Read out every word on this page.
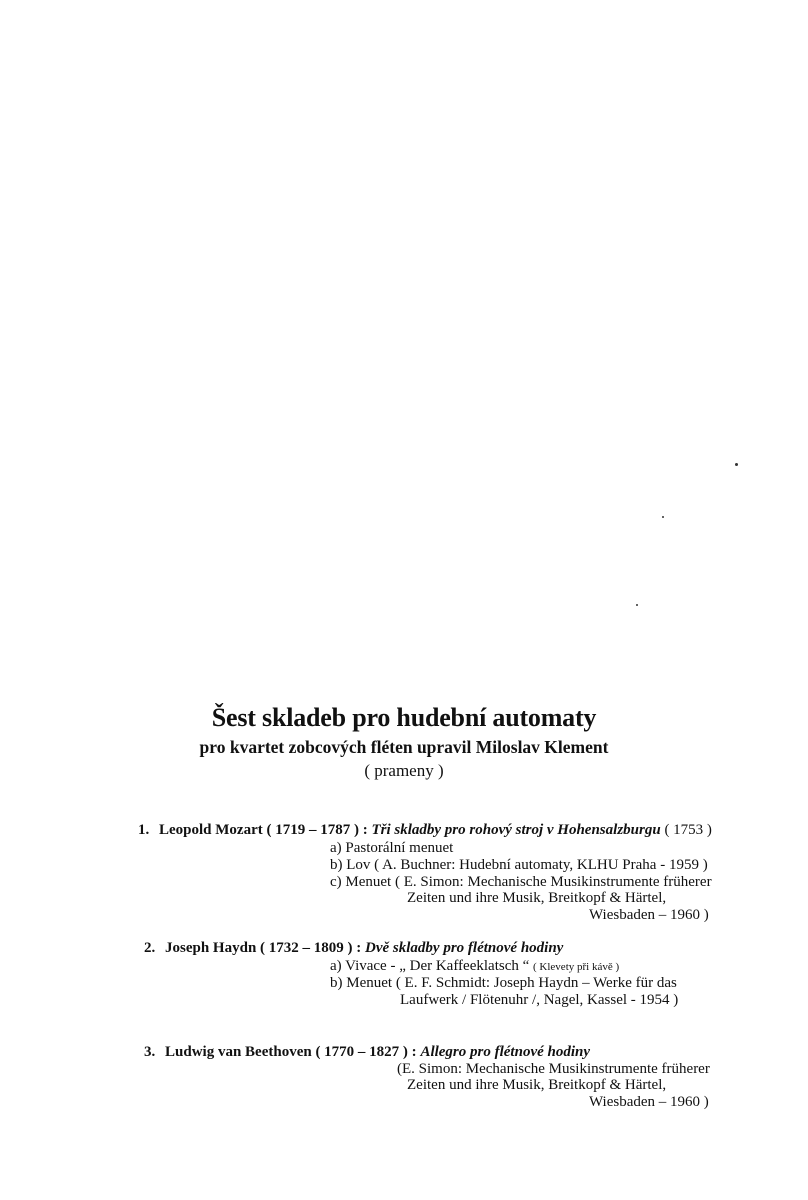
Šest skladeb pro hudební automaty
pro kvartet zobcových fléten upravil Miloslav Klement
( prameny )
1. Leopold Mozart ( 1719 – 1787 ) : Tři skladby pro rohový stroj v Hohensalzburgu ( 1753 )
a) Pastorální menuet
b) Lov ( A. Buchner: Hudební automaty, KLHU Praha - 1959 )
c) Menuet ( E. Simon: Mechanische Musikinstrumente früherer
Zeiten und ihre Musik, Breitkopf & Härtel,
Wiesbaden – 1960 )
2. Joseph Haydn ( 1732 – 1809 ) : Dvě skladby pro flétnové hodiny
a) Vivace - „ Der Kaffeeklatsch “ ( Klevety při kávě )
b) Menuet ( E. F. Schmidt: Joseph Haydn – Werke für das
Laufwerk / Flötenuhr /, Nagel, Kassel - 1954 )
3. Ludwig van Beethoven ( 1770 – 1827 ) : Allegro pro flétnové hodiny
(E. Simon: Mechanische Musikinstrumente früherer
Zeiten und ihre Musik, Breitkopf & Härtel,
Wiesbaden – 1960 )
